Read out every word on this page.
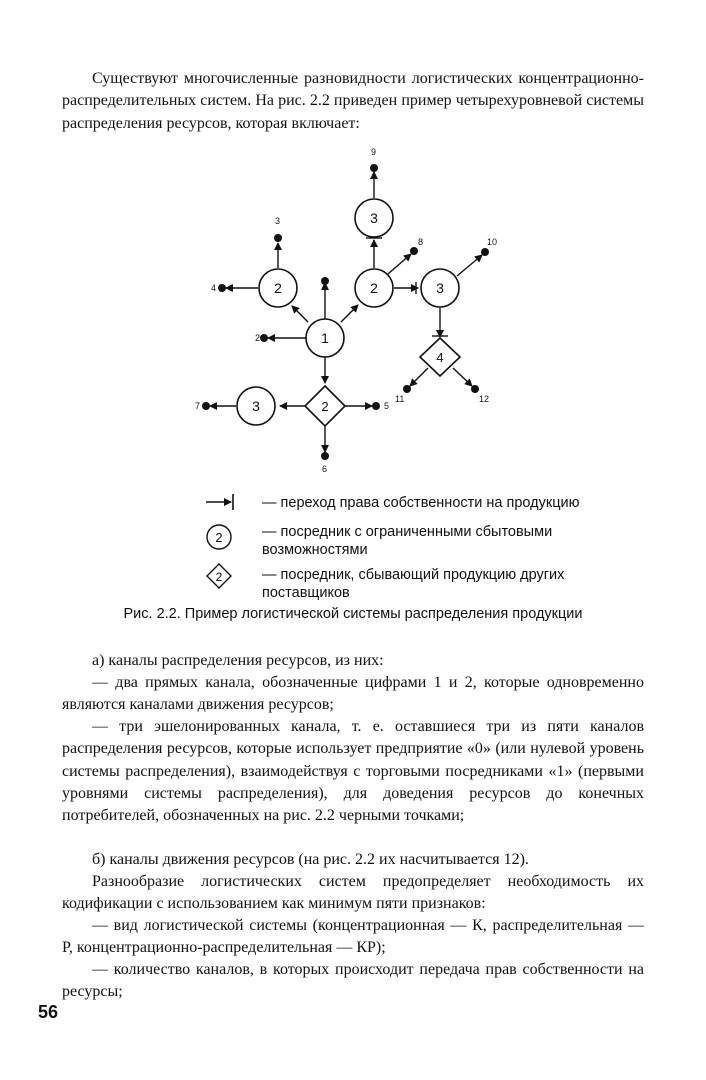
Существуют многочисленные разновидности логистических концентрационно-распределительных систем. На рис. 2.2 приведен пример четырехуровневой системы распределения ресурсов, которая включает:

1
2	2
3
3
3
4
2
2
3
4
5
6
7
8
9
10
11	12
— переход права собственности на продукцию
2	— посредник с ограниченными сбытовыми возможностями
2	— посредник, сбывающий продукцию других поставщиков
Рис. 2.2. Пример логистической системы распределения продукции

а) каналы распределения ресурсов, из них:

— два прямых канала, обозначенные цифрами 1 и 2, которые одновременно являются каналами движения ресурсов;

— три эшелонированных канала, т. е. оставшиеся три из пяти каналов распределения ресурсов, которые использует предприятие «0» (или нулевой уровень системы распределения), взаимодействуя с торговыми посредниками «1» (первыми уровнями системы распределения), для доведения ресурсов до конечных потребителей, обозначенных на рис. 2.2 черными точками;

б) каналы движения ресурсов (на рис. 2.2 их насчитывается 12).

Разнообразие логистических систем предопределяет необходимость их кодификации с использованием как минимум пяти признаков:

— вид логистической системы (концентрационная — К, распределительная — Р, концентрационно-распределительная — КР);

— количество каналов, в которых происходит передача прав собственности на ресурсы;

56
